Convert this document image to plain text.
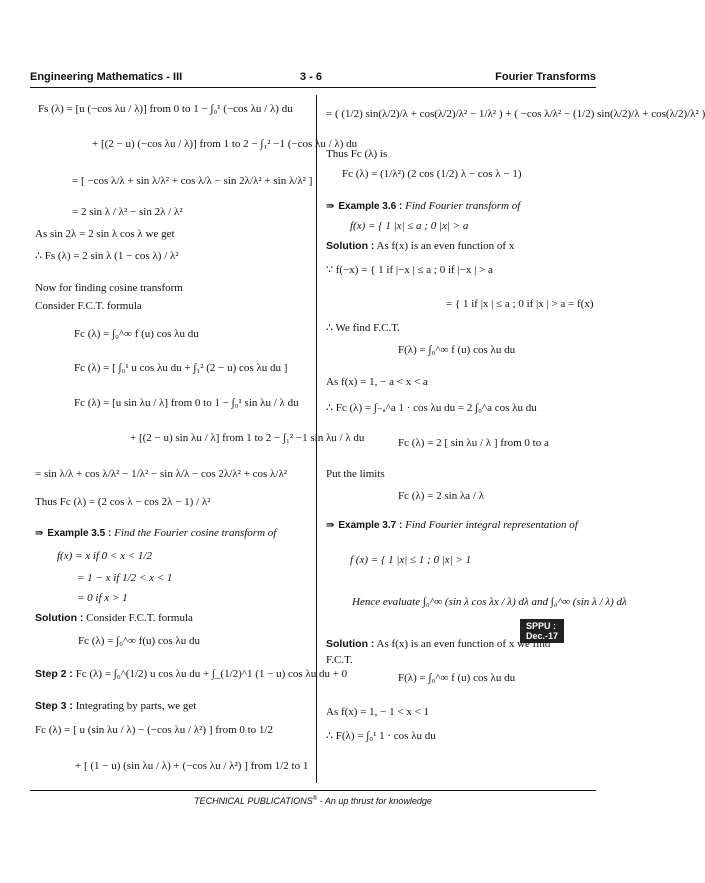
Engineering Mathematics - III	3 - 6	Fourier Transforms
Fs (λ) = [u (−cos λu / λ)] from 0 to 1 − ∫₀¹ (−cos λu / λ) du
+ [(2 − u) (−cos λu / λ)] from 1 to 2 − ∫₁² −1 (−cos λu / λ) du
= [ −cos λ/λ + sin λ/λ² + cos λ/λ − sin 2λ/λ² + sin λ/λ² ]
= 2 sin λ / λ² − sin 2λ / λ²
As sin 2λ = 2 sin λ cos λ we get
∴ Fs (λ) = 2 sin λ (1 − cos λ) / λ²
Now for finding cosine transform
Consider F.C.T. formula
Fc (λ) = ∫₀^∞ f (u) cos λu du
Fc (λ) = [ ∫₀¹ u cos λu du + ∫₁² (2 − u) cos λu du ]
Fc (λ) = [u sin λu / λ] from 0 to 1 − ∫₀¹ sin λu / λ du
+ [(2 − u) sin λu / λ] from 1 to 2 − ∫₁² −1 sin λu / λ du
= sin λ/λ + cos λ/λ² − 1/λ² − sin λ/λ − cos 2λ/λ² + cos λ/λ²
Thus Fc (λ) = (2 cos λ − cos 2λ − 1) / λ²
⇛ Example 3.5 : Find the Fourier cosine transform of
f(x) = x if 0 < x < 1/2
= 1 − x if 1/2 < x < 1
= 0 if x > 1
Solution : Consider F.C.T. formula
Fc (λ) = ∫₀^∞ f(u) cos λu du
Step 2 : Fc (λ) = ∫₀^(1/2) u cos λu du + ∫_(1/2)^1 (1 − u) cos λu du + 0
Step 3 : Integrating by parts, we get
Fc (λ) = [ u (sin λu / λ) − (−cos λu / λ²) ] from 0 to 1/2
+ [ (1 − u) (sin λu / λ) + (−cos λu / λ²) ] from 1/2 to 1
= ( (1/2) sin(λ/2)/λ + cos(λ/2)/λ² − 1/λ² ) + ( −cos λ/λ² − (1/2) sin(λ/2)/λ + cos(λ/2)/λ² )
Thus Fc (λ) is
Fc (λ) = (1/λ²) (2 cos (1/2) λ − cos λ − 1)
⇛ Example 3.6 : Find Fourier transform of
f(x) = { 1 |x| ≤ a ; 0 |x| > a
Solution : As f(x) is an even function of x
∵ f(−x) = { 1 if |−x | ≤ a ; 0 if |−x | > a
= { 1 if |x | ≤ a ; 0 if |x | > a = f(x)
∴ We find F.C.T.
F(λ) = ∫₀^∞ f (u) cos λu du
As f(x) = 1, − a < x < a
∴ Fc (λ) = ∫₋ₐ^a 1 · cos λu du = 2 ∫₀^a cos λu du
Fc (λ) = 2 [ sin λu / λ ] from 0 to a
Put the limits
Fc (λ) = 2 sin λa / λ
⇛ Example 3.7 : Find Fourier integral representation of
f (x) = { 1 |x| ≤ 1 ; 0 |x| > 1
Hence evaluate ∫₀^∞ (sin λ cos λx / λ) dλ and ∫₀^∞ (sin λ / λ) dλ
SPPU : Dec.-17
Solution : As f(x) is an even function of x we find
F.C.T.
F(λ) = ∫₀^∞ f (u) cos λu du
As f(x) = 1, − 1 < x < 1
∴ F(λ) = ∫₀¹ 1 · cos λu du
TECHNICAL PUBLICATIONS® - An up thrust for knowledge
